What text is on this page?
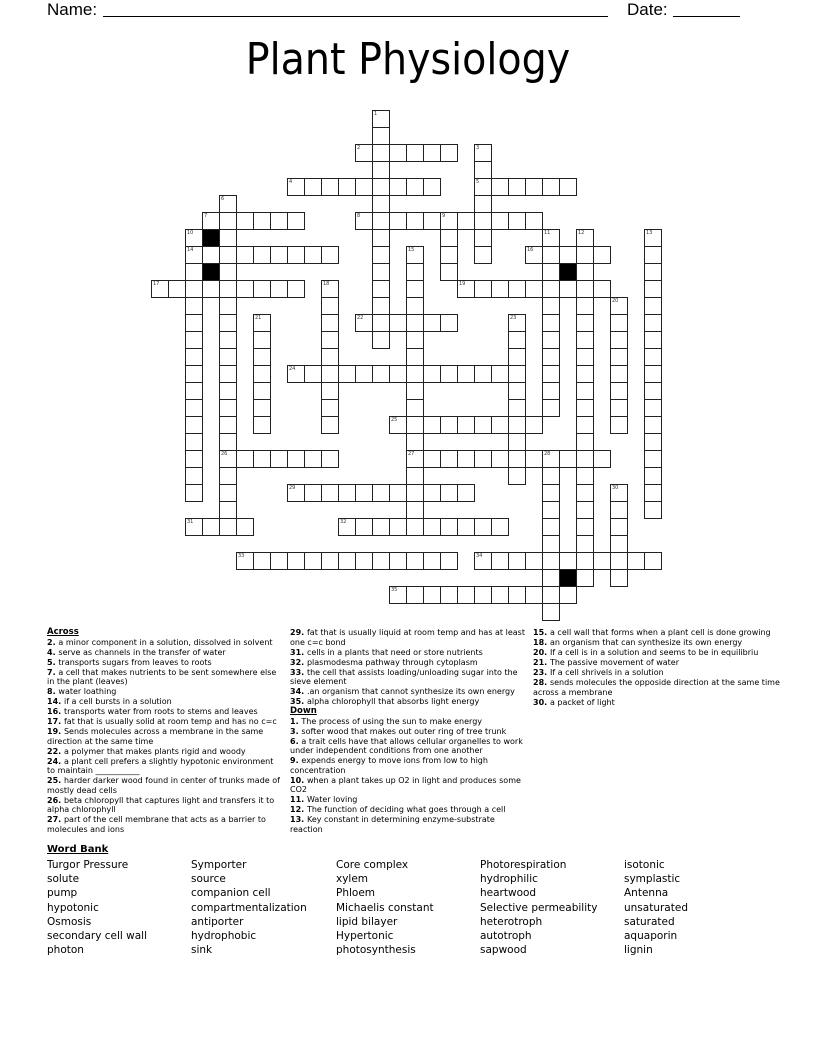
Name:	Date:
Plant Physiology
2
4	5
7	8	9
14	16
17	19
22
24
25
26	27	28
29
31	32
33	34
35
1
3
6
10	11	12	13
15
18
20
21	23
30
Across
2. a minor component in a solution, dissolved in solvent
4. serve as channels in the transfer of water
5. transports sugars from leaves to roots
7. a cell that makes nutrients to be sent somewhere else in the plant (leaves)
8. water loathing
14. if a cell bursts in a solution
16. transports water from roots to stems and leaves
17. fat that is usually solid at room temp and has no c=c
19. Sends molecules across a membrane in the same direction at the same time
22. a polymer that makes plants rigid and woody
24. a plant cell prefers a slightly hypotonic environment to maintain ___________
25. harder darker wood found in center of trunks made of mostly dead cells
26. beta chloropyll that captures light and transfers it to alpha chlorophyll
27. part of the cell membrane that acts as a barrier to molecules and ions
29. fat that is usually liquid at room temp and has at least one c=c bond
31. cells in a plants that need or store nutrients
32. plasmodesma pathway through cytoplasm
33. the cell that assists loading/unloading sugar into the sieve element
34. .an organism that cannot synthesize its own energy
35. alpha chlorophyll that absorbs light energy
Down
1. The process of using the sun to make energy
3. softer wood that makes out outer ring of tree trunk
6. a trait cells have that allows cellular organelles to work under independent conditions from one another
9. expends energy to move ions from low to high concentration
10. when a plant takes up O2 in light and produces some CO2
11. Water loving
12. The function of deciding what goes through a cell
13. Key constant in determining enzyme-substrate reaction
15. a cell wall that forms when a plant cell is done growing
18. an organism that can synthesize its own energy
20. If a cell is in a solution and seems to be in equilibriu
21. The passive movement of water
23. If a cell shrivels in a solution
28. sends molecules the opposide direction at the same time across a membrane
30. a packet of light
Word Bank
Turgor Pressure
solute
pump
hypotonic
Osmosis
secondary cell wall
photon
Symporter
source
companion cell
compartmentalization
antiporter
hydrophobic
sink
Core complex
xylem
Phloem
Michaelis constant
lipid bilayer
Hypertonic
photosynthesis
Photorespiration
hydrophilic
heartwood
Selective permeability
heterotroph
autotroph
sapwood
isotonic
symplastic
Antenna
unsaturated
saturated
aquaporin
lignin
